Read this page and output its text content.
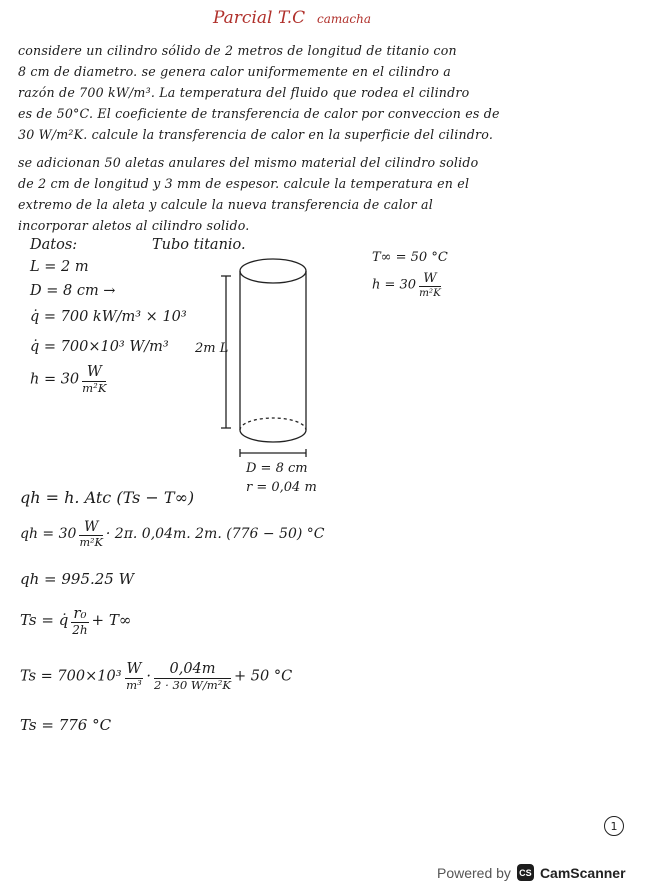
Parcial T.C camacha
considere un cilindro sólido de 2 metros de longitud de titanio con
8 cm de diametro. se genera calor uniformemente en el cilindro a
razón de 700 kW/m³. La temperatura del fluido que rodea el cilindro
es de 50°C. El coeficiente de transferencia de calor por conveccion es de
30 W/m²K. calcule la transferencia de calor en la superficie del cilindro.
se adicionan 50 aletas anulares del mismo material del cilindro solido
de 2 cm de longitud y 3 mm de espesor. calcule la temperatura en el
extremo de la aleta y calcule la nueva transferencia de calor al
incorporar aletos al cilindro solido.
Datos:	Tubo titanio.
L = 2 m
D = 8 cm →
q̇ = 700 kW/m³ × 10³
q̇ = 700×10³ W/m³
$h = 30 \frac{W}{\text{m²K}}$
T∞ = 50 °C
$h = 30 \frac{W}{\text{m²K}}$
2m L
D = 8 cm
r = 0,04 m
qh = h. Atc (Ts − T∞)
qh = $30 \frac{W}{\text{m²K}} \cdot 2\pi$. 0,04m. 2m. (776 − 50) °C
qh = 995.25 W
Ts = q̇ $\frac{\text{r₀}}{2h} + T\infty$
$Ts = 700\times 10^3 \frac{W}{\text{m³}} \cdot \frac{0,04m}{\text{2 · 30 W/m²K}} + 50$ °C
Ts = 776 °C
1
Powered by CS CamScanner
